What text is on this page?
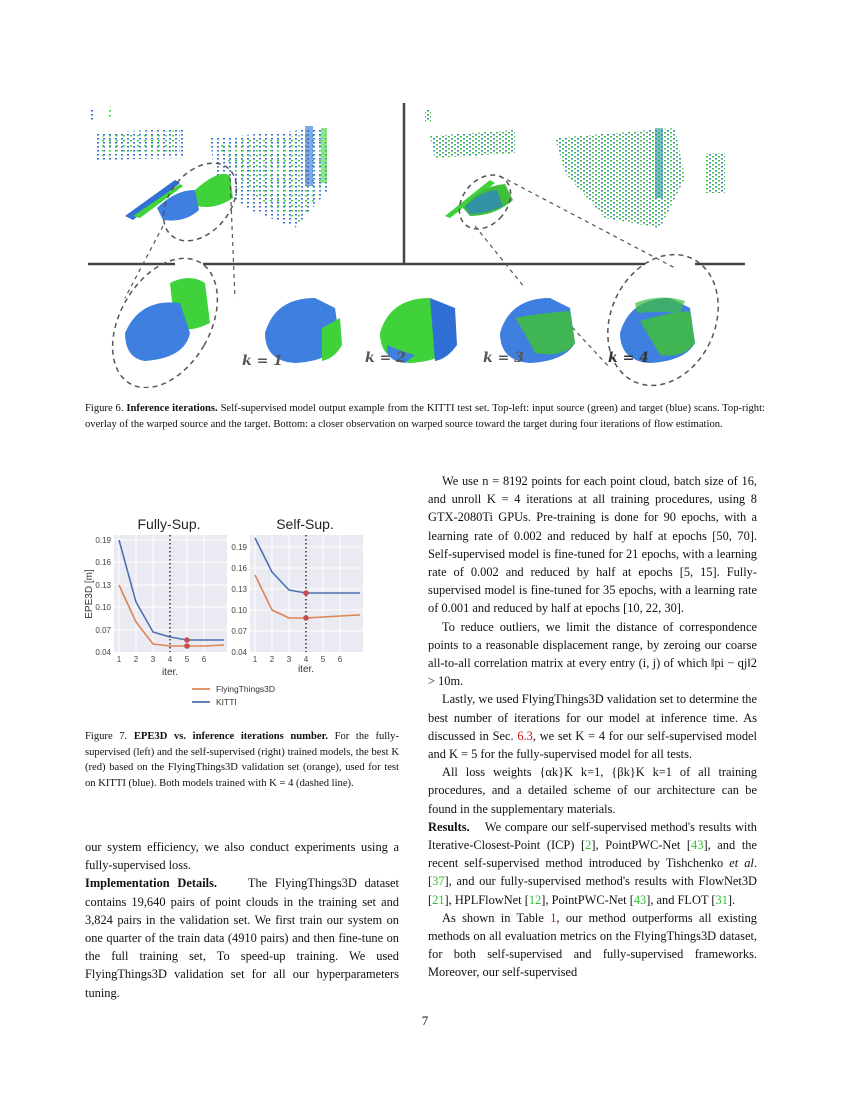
k = 1	k = 2	k = 3	k = 4
Figure 6. Inference iterations. Self-supervised model output example from the KITTI test set. Top-left: input source (green) and target (blue) scans. Top-right: overlay of the warped source and the target. Bottom: a closer observation on warped source toward the target during four iterations of flow estimation.
Fully-Sup.
0.19
0.16
0.13
0.10
0.07
0.04
1 2 3 4 5 6
iter.
EPE3D [m]
Self-Sup.
0.19
0.16
0.13
0.10
0.07
0.04
1 2 3 4 5 6
iter.
FlyingThings3D
KITTI
Figure 7. EPE3D vs. inference iterations number. For the fully-supervised (left) and the self-supervised (right) trained models, the best K (red) based on the FlyingThings3D validation set (orange), used for test on KITTI (blue). Both models trained with K = 4 (dashed line).

our system efficiency, we also conduct experiments using a fully-supervised loss.

Implementation Details. The FlyingThings3D dataset contains 19,640 pairs of point clouds in the training set and 3,824 pairs in the validation set. We first train our system on one quarter of the train data (4910 pairs) and then fine-tune on the full training set, To speed-up training. We used FlyingThings3D validation set for all our hyperparameters tuning.

We use n = 8192 points for each point cloud, batch size of 16, and unroll K = 4 iterations at all training procedures, using 8 GTX-2080Ti GPUs. Pre-training is done for 90 epochs, with a learning rate of 0.002 and reduced by half at epochs [50, 70]. Self-supervised model is fine-tuned for 21 epochs, with a learning rate of 0.002 and reduced by half at epochs [5, 15]. Fully-supervised model is fine-tuned for 35 epochs, with a learning rate of 0.001 and reduced by half at epochs [10, 22, 30].

To reduce outliers, we limit the distance of correspondence points to a reasonable displacement range, by zeroing our coarse all-to-all correlation matrix at every entry (i, j) of which ‖pi − qj‖2 > 10m.

Lastly, we used FlyingThings3D validation set to determine the best number of iterations for our model at inference time. As discussed in Sec. 6.3, we set K = 4 for our self-supervised model and K = 5 for the fully-supervised model for all tests.

All loss weights {αk}K k=1, {βk}K k=1 of all training procedures, and a detailed scheme of our architecture can be found in the supplementary materials.

Results. We compare our self-supervised method's results with Iterative-Closest-Point (ICP) [2], PointPWC-Net [43], and the recent self-supervised method introduced by Tishchenko et al. [37], and our fully-supervised method's results with FlowNet3D [21], HPLFlowNet [12], PointPWC-Net [43], and FLOT [31].

As shown in Table 1, our method outperforms all existing methods on all evaluation metrics on the FlyingThings3D dataset, for both self-supervised and fully-supervised frameworks. Moreover, our self-supervised

7
